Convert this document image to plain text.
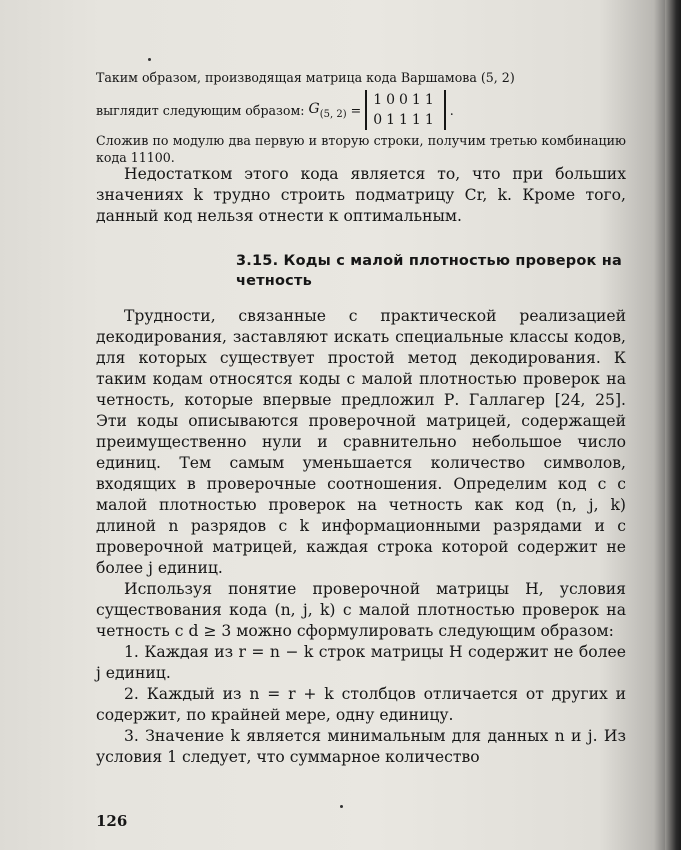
Таким образом, производящая матрица кода Варшамова (5, 2)
выглядит следующим образом: $G_{(5, 2)}$ =
10011
01111
.
Сложив по модулю два первую и вторую строки, получим третью комбинацию кода 11100.

Недостатком этого кода является то, что при больших значениях k трудно строить подматрицу Cr, k. Кроме того, данный код нельзя отнести к оптимальным.

3.15. Коды с малой плотностью проверок на четность

Трудности, связанные с практической реализацией декодирования, заставляют искать специальные классы кодов, для которых существует простой метод декодирования. К таким кодам относятся коды с малой плотностью проверок на четность, которые впервые предложил Р. Галлагер [24, 25]. Эти коды описываются проверочной матрицей, содержащей преимущественно нули и сравнительно небольшое число единиц. Тем самым уменьшается количество символов, входящих в проверочные соотношения. Определим код с с малой плотностью проверок на четность как код (n, j, k) длиной n разрядов с k информационными разрядами и с проверочной матрицей, каждая строка которой содержит не более j единиц.

Используя понятие проверочной матрицы H, условия существования кода (n, j, k) с малой плотностью проверок на четность с d ≥ 3 можно сформулировать следующим образом:

1. Каждая из r = n − k строк матрицы H содержит не более j единиц.

2. Каждый из n = r + k столбцов отличается от других и содержит, по крайней мере, одну единицу.

3. Значение k является минимальным для данных n и j. Из условия 1 следует, что суммарное количество

126
